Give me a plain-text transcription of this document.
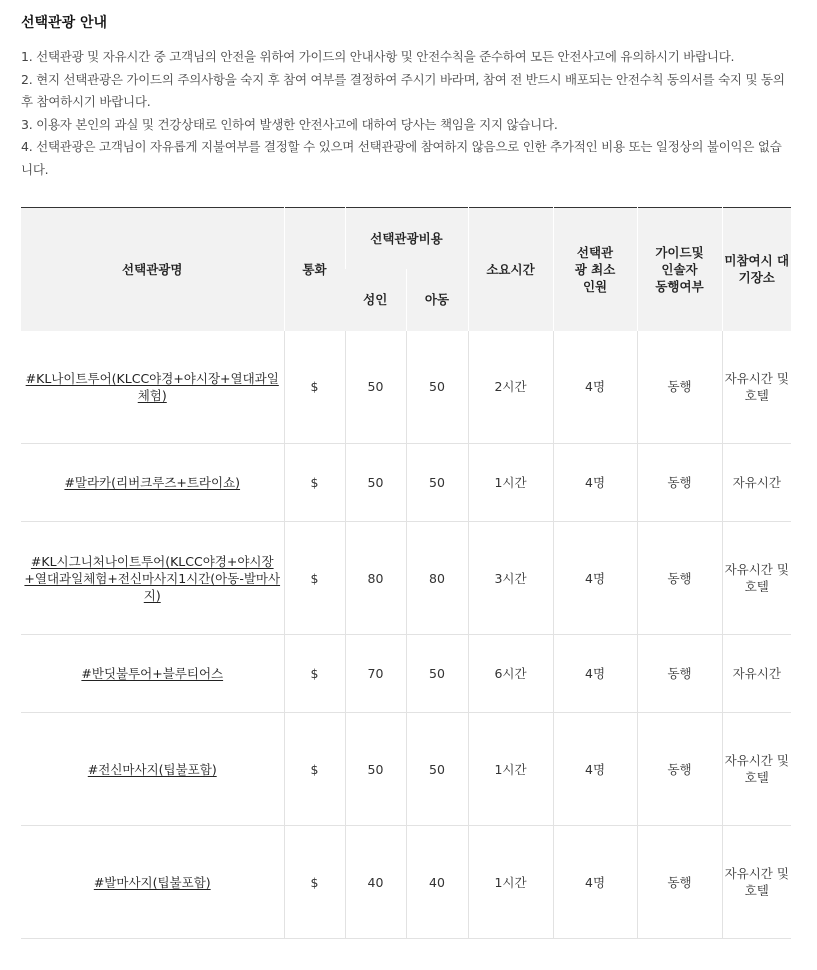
선택관광 안내

1. 선택관광 및 자유시간 중 고객님의 안전을 위하여 가이드의 안내사항 및 안전수칙을 준수하여 모든 안전사고에 유의하시기 바랍니다.

2. 현지 선택관광은 가이드의 주의사항을 숙지 후 참여 여부를 결정하여 주시기 바라며, 참여 전 반드시 배포되는 안전수칙 동의서를 숙지 및 동의 후 참여하시기 바랍니다.

3. 이용자 본인의 과실 및 건강상태로 인하여 발생한 안전사고에 대하여 당사는 책임을 지지 않습니다.

4. 선택관광은 고객님이 자유롭게 지불여부를 결정할 수 있으며 선택관광에 참여하지 않음으로 인한 추가적인 비용 또는 일정상의 불이익은 없습니다.

선택관광명	통화	선택관광비용		소요시간	선택관광 최소인원	가이드및 인솔자 동행여부	미참여시 대기장소
		성인	아동				
#KL나이트투어(KLCC야경+야시장+열대과일체험)	$	50	50	2시간	4명	동행	자유시간 및 호텔
#말라카(리버크루즈+트라이쇼)	$	50	50	1시간	4명	동행	자유시간
#KL시그니처나이트투어(KLCC야경+야시장+열대과일체험+전신마사지1시간(아동-발마사지)	$	80	80	3시간	4명	동행	자유시간 및 호텔
#반딧불투어+블루티어스	$	70	50	6시간	4명	동행	자유시간
#전신마사지(팁불포함)	$	50	50	1시간	4명	동행	자유시간 및 호텔
#발마사지(팁불포함)	$	40	40	1시간	4명	동행	자유시간 및 호텔
